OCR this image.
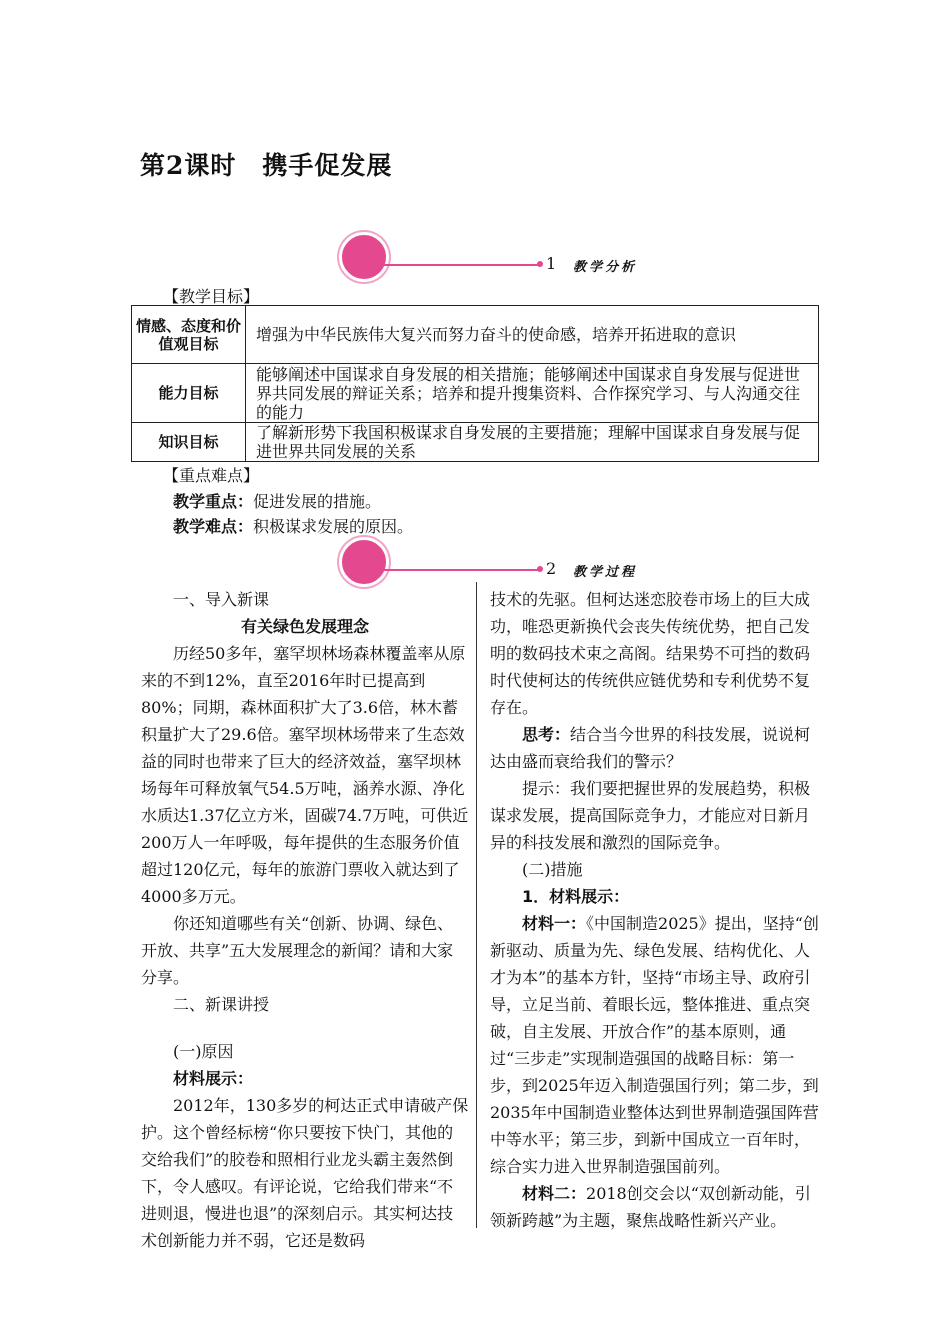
第2课时 携手促发展
1 教学分析
【教学目标】
情感、态度和价值观目标	增强为中华民族伟大复兴而努力奋斗的使命感，培养开拓进取的意识
能力目标	能够阐述中国谋求自身发展的相关措施；能够阐述中国谋求自身发展与促进世界共同发展的辩证关系；培养和提升搜集资料、合作探究学习、与人沟通交往的能力
知识目标	了解新形势下我国积极谋求自身发展的主要措施；理解中国谋求自身发展与促进世界共同发展的关系
【重点难点】
教学重点：促进发展的措施。
教学难点：积极谋求发展的原因。
2 教学过程

一、导入新课

有关绿色发展理念

历经50多年，塞罕坝林场森林覆盖率从原来的不到12%，直至2016年时已提高到80%；同期，森林面积扩大了3.6倍，林木蓄积量扩大了29.6倍。塞罕坝林场带来了生态效益的同时也带来了巨大的经济效益，塞罕坝林场每年可释放氧气54.5万吨，涵养水源、净化水质达1.37亿立方米，固碳74.7万吨，可供近200万人一年呼吸，每年提供的生态服务价值超过120亿元，每年的旅游门票收入就达到了4000多万元。

你还知道哪些有关“创新、协调、绿色、开放、共享”五大发展理念的新闻？请和大家分享。

二、新课讲授

(一)原因

材料展示：

2012年，130多岁的柯达正式申请破产保护。这个曾经标榜“你只要按下快门，其他的交给我们”的胶卷和照相行业龙头霸主轰然倒下，令人感叹。有评论说，它给我们带来“不进则退，慢进也退”的深刻启示。其实柯达技术创新能力并不弱，它还是数码

技术的先驱。但柯达迷恋胶卷市场上的巨大成功，唯恐更新换代会丧失传统优势，把自己发明的数码技术束之高阁。结果势不可挡的数码时代使柯达的传统供应链优势和专利优势不复存在。

思考：结合当今世界的科技发展，说说柯达由盛而衰给我们的警示？

提示：我们要把握世界的发展趋势，积极谋求发展，提高国际竞争力，才能应对日新月异的科技发展和激烈的国际竞争。

(二)措施

1．材料展示：

材料一：《中国制造2025》提出，坚持“创新驱动、质量为先、绿色发展、结构优化、人才为本”的基本方针，坚持“市场主导、政府引导，立足当前、着眼长远，整体推进、重点突破，自主发展、开放合作”的基本原则，通过“三步走”实现制造强国的战略目标：第一步，到2025年迈入制造强国行列；第二步，到2035年中国制造业整体达到世界制造强国阵营中等水平；第三步，到新中国成立一百年时，综合实力进入世界制造强国前列。

材料二：2018创交会以“双创新动能，引领新跨越”为主题，聚焦战略性新兴产业。
